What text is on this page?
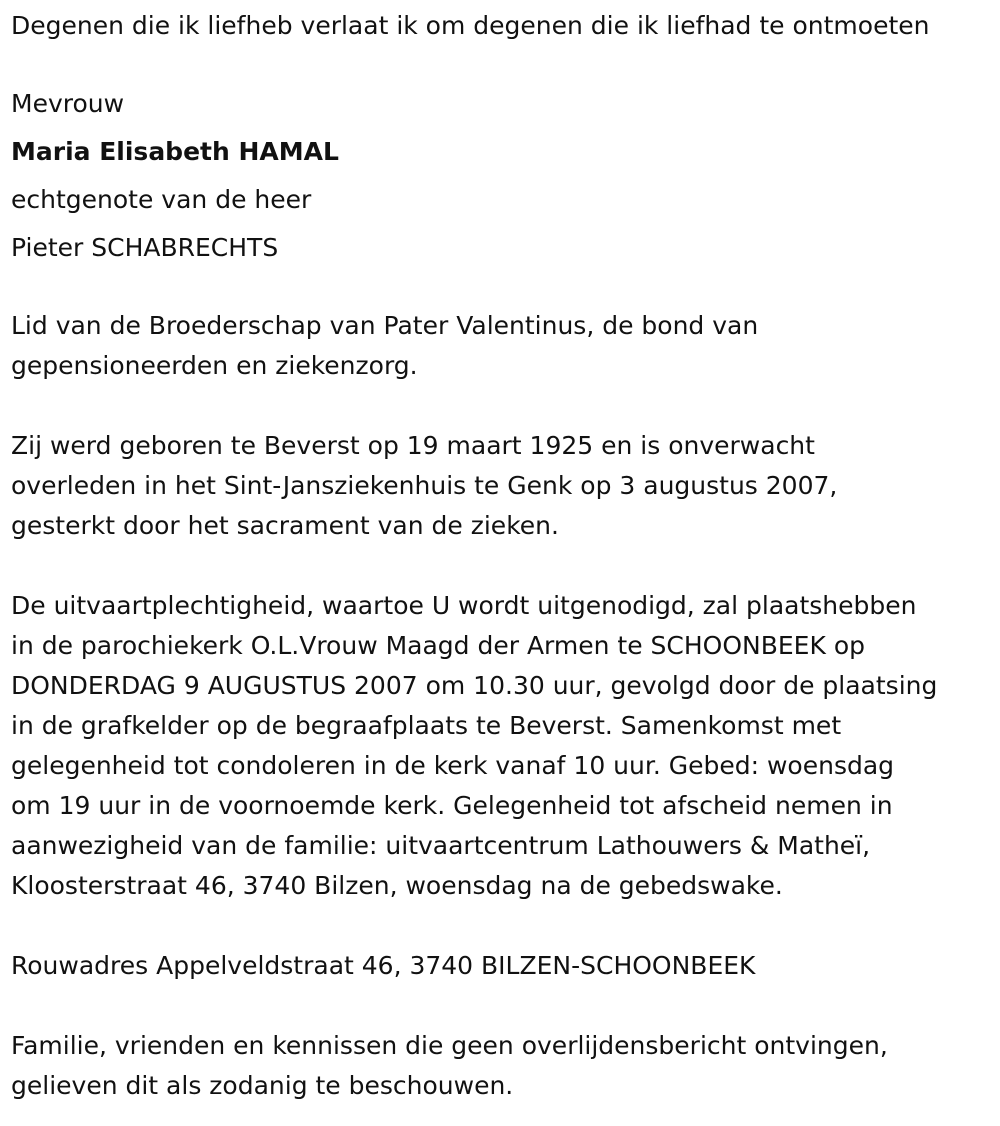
Degenen die ik liefheb verlaat ik om degenen die ik liefhad te ontmoeten
Mevrouw
Maria Elisabeth HAMAL
echtgenote van de heer
Pieter SCHABRECHTS
Lid van de Broederschap van Pater Valentinus, de bond van
gepensioneerden en ziekenzorg.
Zij werd geboren te Beverst op 19 maart 1925 en is onverwacht
overleden in het Sint-Jansziekenhuis te Genk op 3 augustus 2007,
gesterkt door het sacrament van de zieken.
De uitvaartplechtigheid, waartoe U wordt uitgenodigd, zal plaatshebben
in de parochiekerk O.L.Vrouw Maagd der Armen te SCHOONBEEK op
DONDERDAG 9 AUGUSTUS 2007 om 10.30 uur, gevolgd door de plaatsing
in de grafkelder op de begraafplaats te Beverst. Samenkomst met
gelegenheid tot condoleren in de kerk vanaf 10 uur. Gebed: woensdag
om 19 uur in de voornoemde kerk. Gelegenheid tot afscheid nemen in
aanwezigheid van de familie: uitvaartcentrum Lathouwers & Matheï,
Kloosterstraat 46, 3740 Bilzen, woensdag na de gebedswake.
Rouwadres Appelveldstraat 46, 3740 BILZEN-SCHOONBEEK
Familie, vrienden en kennissen die geen overlijdensbericht ontvingen,
gelieven dit als zodanig te beschouwen.
